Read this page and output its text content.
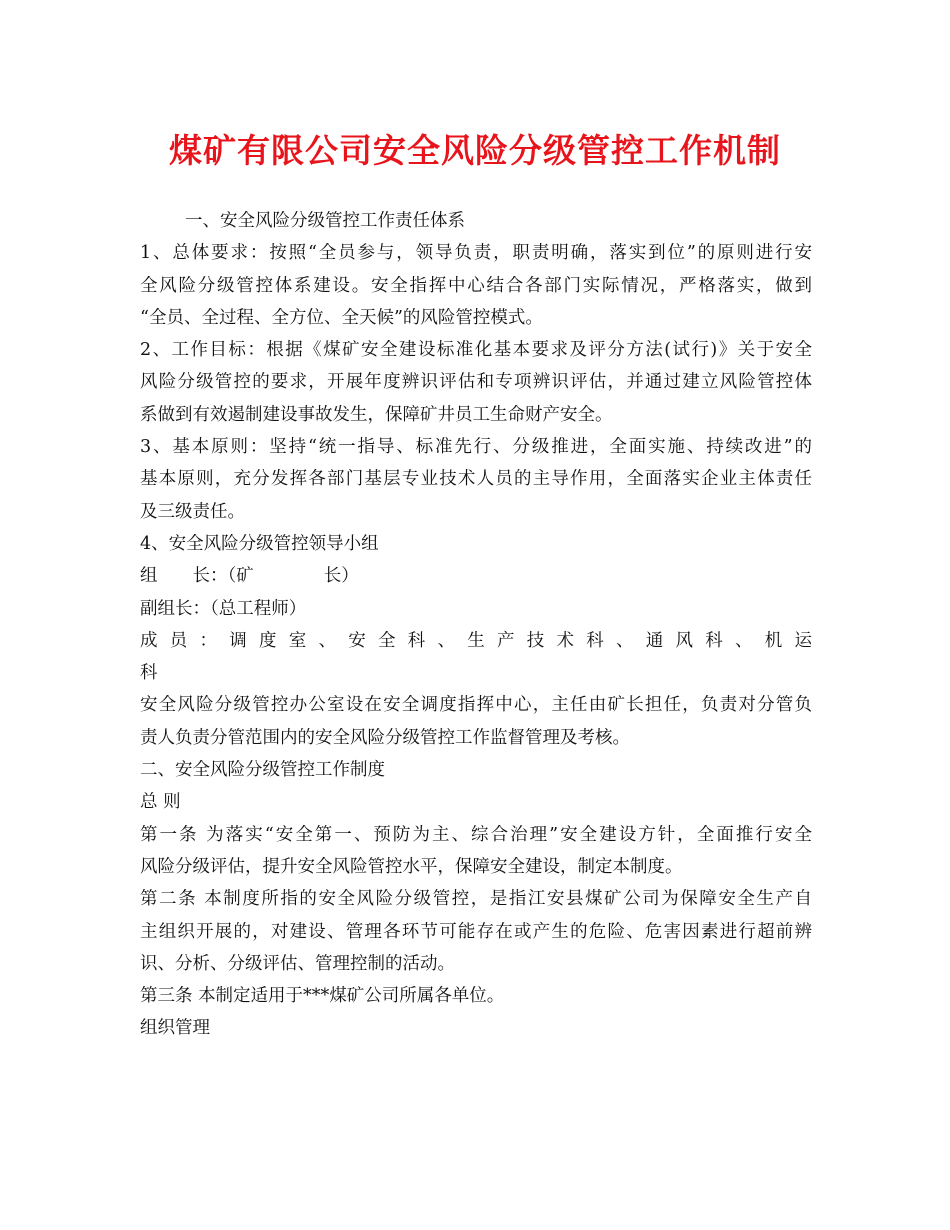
煤矿有限公司安全风险分级管控工作机制
一、安全风险分级管控工作责任体系
1、总体要求：按照“全员参与，领导负责，职责明确，落实到位”的原则进行安
全风险分级管控体系建设。安全指挥中心结合各部门实际情况，严格落实，做到
“全员、全过程、全方位、全天候”的风险管控模式。
2、工作目标：根据《煤矿安全建设标准化基本要求及评分方法(试行)》关于安全
风险分级管控的要求，开展年度辨识评估和专项辨识评估，并通过建立风险管控体
系做到有效遏制建设事故发生，保障矿井员工生命财产安全。
3、基本原则：坚持“统一指导、标准先行、分级推进，全面实施、持续改进”的
基本原则，充分发挥各部门基层专业技术人员的主导作用，全面落实企业主体责任
及三级责任。
4、安全风险分级管控领导小组
组　　长：（矿　　　　长）
副组长：（总工程师）
成 员 ： 调 度 室 、 安 全 科 、 生 产 技 术 科 、 通 风 科 、 机 运
科
安全风险分级管控办公室设在安全调度指挥中心，主任由矿长担任，负责对分管负
责人负责分管范围内的安全风险分级管控工作监督管理及考核。
二、安全风险分级管控工作制度
总 则
第一条 为落实“安全第一、预防为主、综合治理”安全建设方针，全面推行安全
风险分级评估，提升安全风险管控水平，保障安全建设，制定本制度。
第二条 本制度所指的安全风险分级管控，是指江安县煤矿公司为保障安全生产自
主组织开展的，对建设、管理各环节可能存在或产生的危险、危害因素进行超前辨
识、分析、分级评估、管理控制的活动。
第三条 本制定适用于***煤矿公司所属各单位。
组织管理
